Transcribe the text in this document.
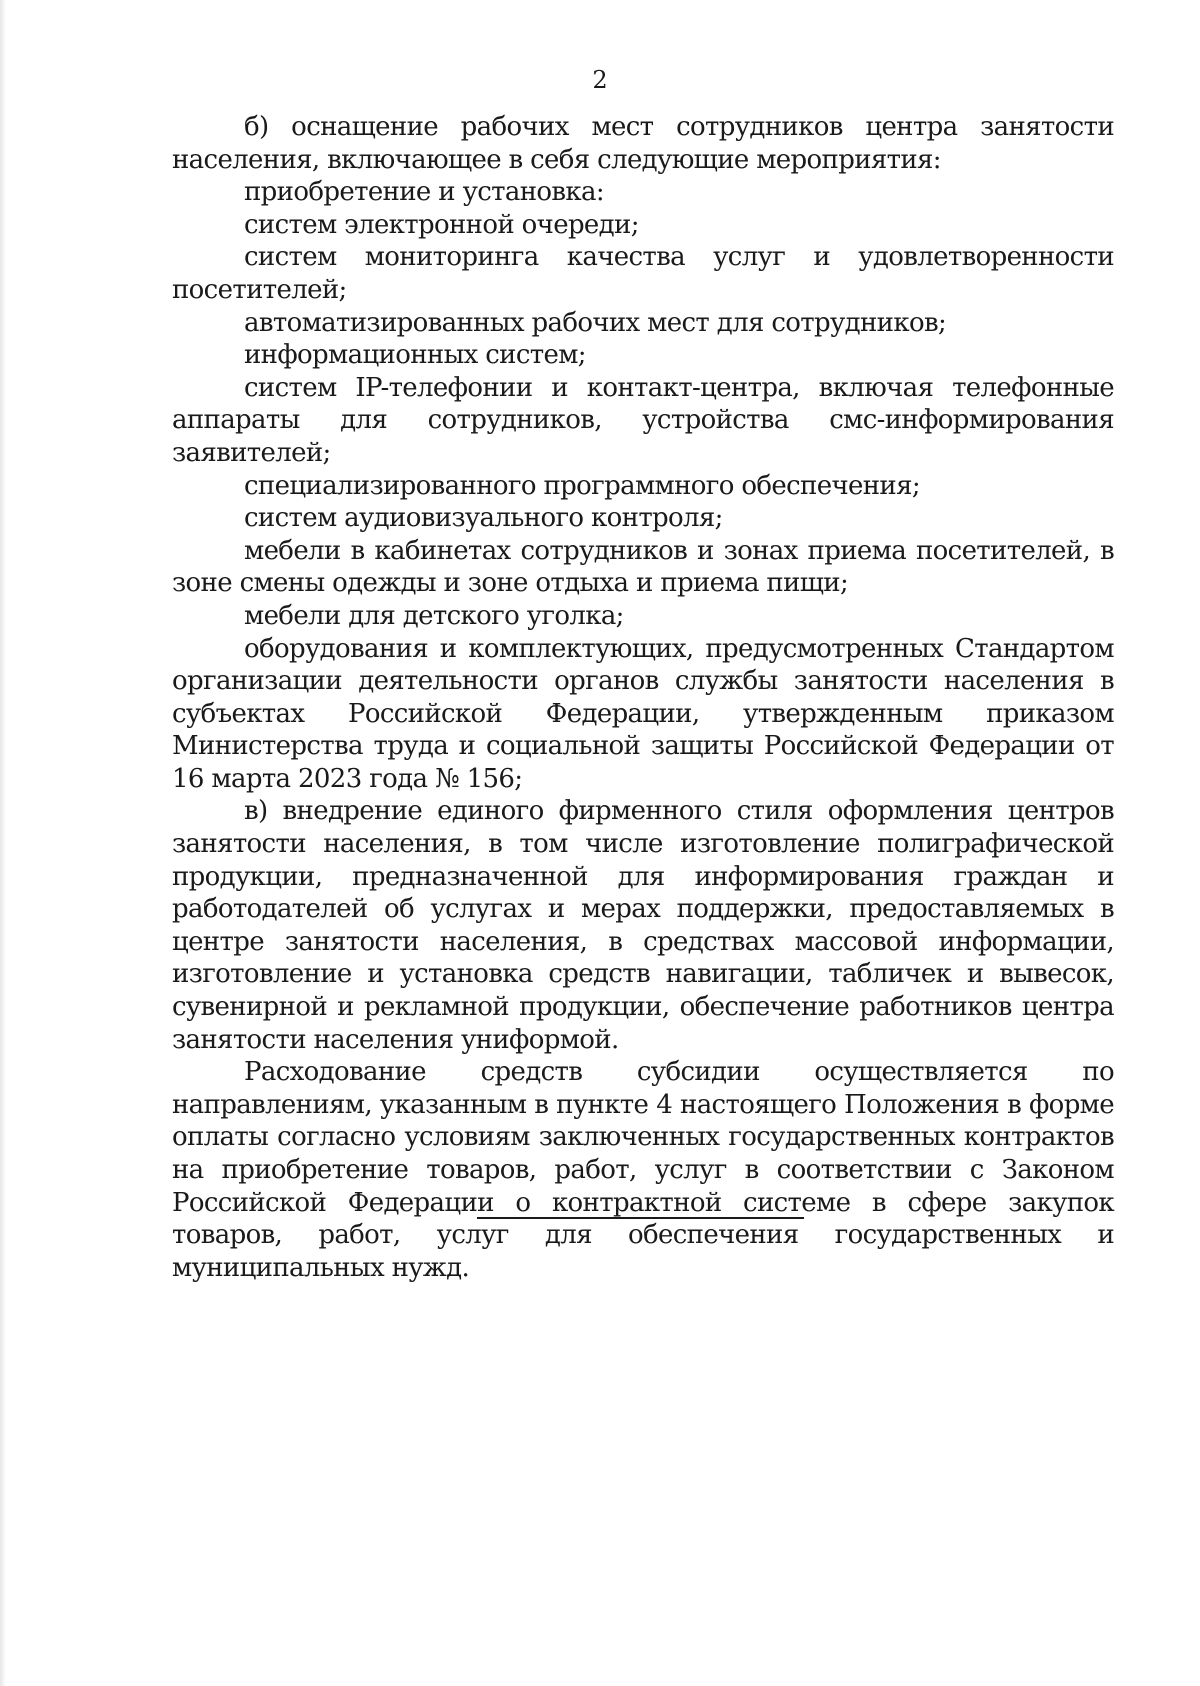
2

б) оснащение рабочих мест сотрудников центра занятости населения, включающее в себя следующие мероприятия:

приобретение и установка:

систем электронной очереди;

систем мониторинга качества услуг и удовлетворенности посетителей;

автоматизированных рабочих мест для сотрудников;

информационных систем;

систем IP-телефонии и контакт-центра, включая телефонные аппараты для сотрудников, устройства смс-информирования заявителей;

специализированного программного обеспечения;

систем аудиовизуального контроля;

мебели в кабинетах сотрудников и зонах приема посетителей, в зоне смены одежды и зоне отдыха и приема пищи;

мебели для детского уголка;

оборудования и комплектующих, предусмотренных Стандартом организации деятельности органов службы занятости населения в субъектах Российской Федерации, утвержденным приказом Министерства труда и социальной защиты Российской Федерации от 16 марта 2023 года № 156;

в) внедрение единого фирменного стиля оформления центров занятости населения, в том числе изготовление полиграфической продукции, предназначенной для информирования граждан и работодателей об услугах и мерах поддержки, предоставляемых в центре занятости населения, в средствах массовой информации, изготовление и установка средств навигации, табличек и вывесок, сувенирной и рекламной продукции, обеспечение работников центра занятости населения униформой.

Расходование средств субсидии осуществляется по направлениям, указанным в пункте 4 настоящего Положения в форме оплаты согласно условиям заключенных государственных контрактов на приобретение товаров, работ, услуг в соответствии с Законом Российской Федерации о контрактной системе в сфере закупок товаров, работ, услуг для обеспечения государственных и муниципальных нужд.
